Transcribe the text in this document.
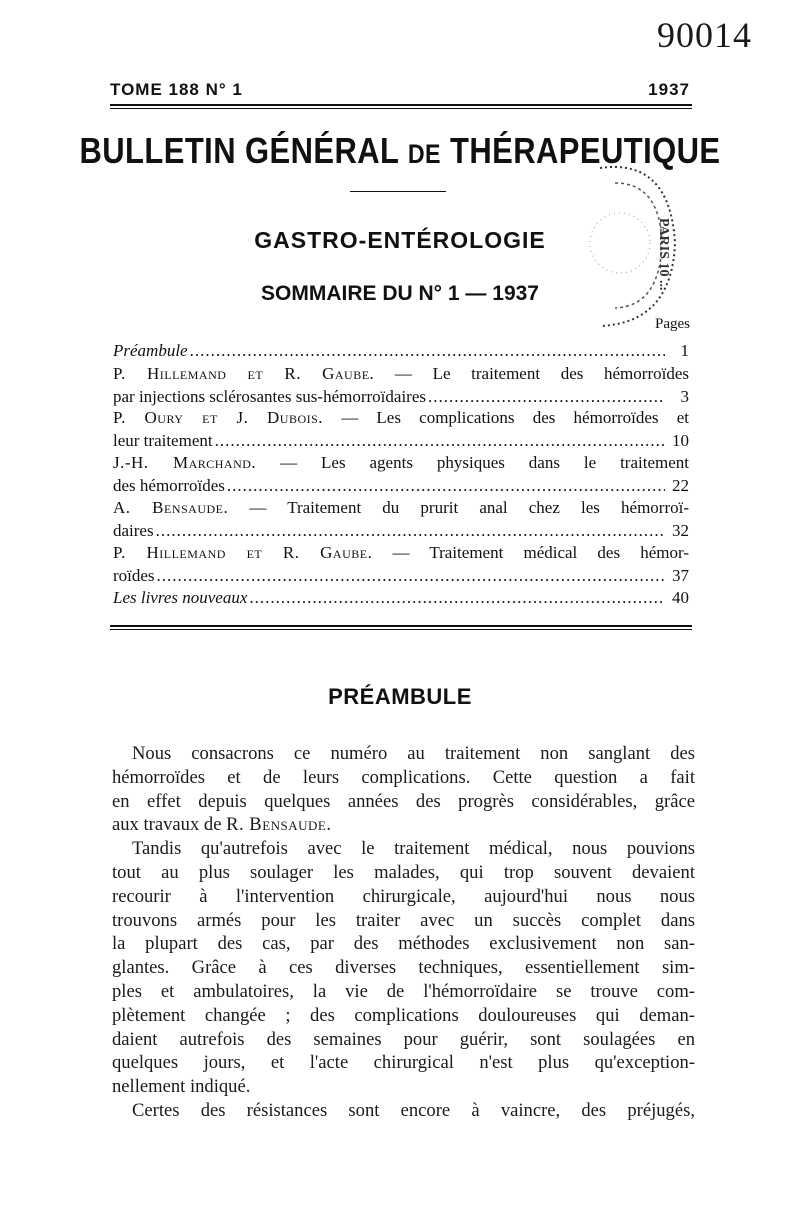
90014
TOME 188 N° 1	1937
BULLETIN GÉNÉRAL DE THÉRAPEUTIQUE
GASTRO-ENTÉROLOGIE
SOMMAIRE DU N° 1 — 1937
PARIS 10 ...
Pages
Préambule .....	1
P. Hillemand et R. Gaube. — Le traitement des hémorroïdes
par injections sclérosantes sus-hémorroïdaires .....	3
P. Oury et J. Dubois. — Les complications des hémorroïdes et
leur traitement .....	10
J.-H. Marchand. — Les agents physiques dans le traitement
des hémorroïdes .....	22
A. Bensaude. — Traitement du prurit anal chez les hémorroï-
daires .....	32
P. Hillemand et R. Gaube. — Traitement médical des hémor-
roïdes .....	37
Les livres nouveaux .....	40
PRÉAMBULE
Nous consacrons ce numéro au traitement non sanglant des
hémorroïdes et de leurs complications. Cette question a fait
en effet depuis quelques années des progrès considérables, grâce
aux travaux de R. Bensaude.
Tandis qu'autrefois avec le traitement médical, nous pouvions
tout au plus soulager les malades, qui trop souvent devaient
recourir à l'intervention chirurgicale, aujourd'hui nous nous
trouvons armés pour les traiter avec un succès complet dans
la plupart des cas, par des méthodes exclusivement non san-
glantes. Grâce à ces diverses techniques, essentiellement sim-
ples et ambulatoires, la vie de l'hémorroïdaire se trouve com-
plètement changée ; des complications douloureuses qui deman-
daient autrefois des semaines pour guérir, sont soulagées en
quelques jours, et l'acte chirurgical n'est plus qu'exception-
nellement indiqué.
Certes des résistances sont encore à vaincre, des préjugés,
